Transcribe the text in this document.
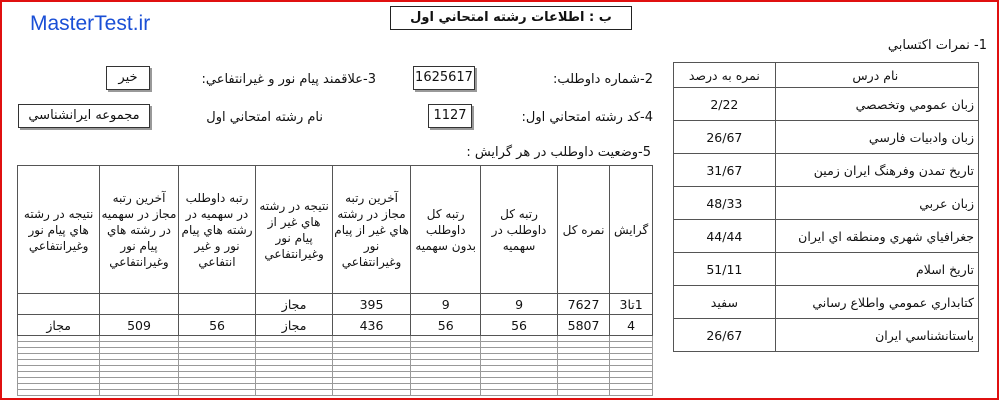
MasterTest.ir	ب : اطلاعات رشته امتحاني اول
1- نمرات اكتسابي
2-شماره داوطلب:
1625617
3-علاقمند پيام نور و غيرانتفاعي:
خير
4-كد رشته امتحاني اول:
1127
نام رشته امتحاني اول
مجموعه ايرانشناسي
5-وضعيت داوطلب در هر گرايش :
نام درس	نمره به درصد
زبان عمومي وتخصصي	2/22
زبان وادبيات فارسي	26/67
تاريخ تمدن وفرهنگ ايران زمين	31/67
زبان عربي	48/33
جغرافياي شهري ومنطقه اي ايران	44/44
تاريخ اسلام	51/11
كتابداري عمومي واطلاع رساني	سفيد
باستانشناسي ايران	26/67
گرايش	نمره كل	رتبه كل داوطلب در سهميه	رتبه كل داوطلب بدون سهميه	آخرين رتبه مجاز در رشته هاي غير از پيام نور وغيرانتفاعي	نتيجه در رشته هاي غير از پيام نور وغيرانتفاعي	رتبه داوطلب در سهميه در رشته هاي پيام نور و غير انتفاعي	آخرين رتبه مجاز در سهميه در رشته هاي پيام نور وغيرانتفاعي	نتيجه در رشته هاي پيام نور وغيرانتفاعي
1تا3	7627	9	9	395	مجاز			
4	5807	56	56	436	مجاز	56	509	مجاز
